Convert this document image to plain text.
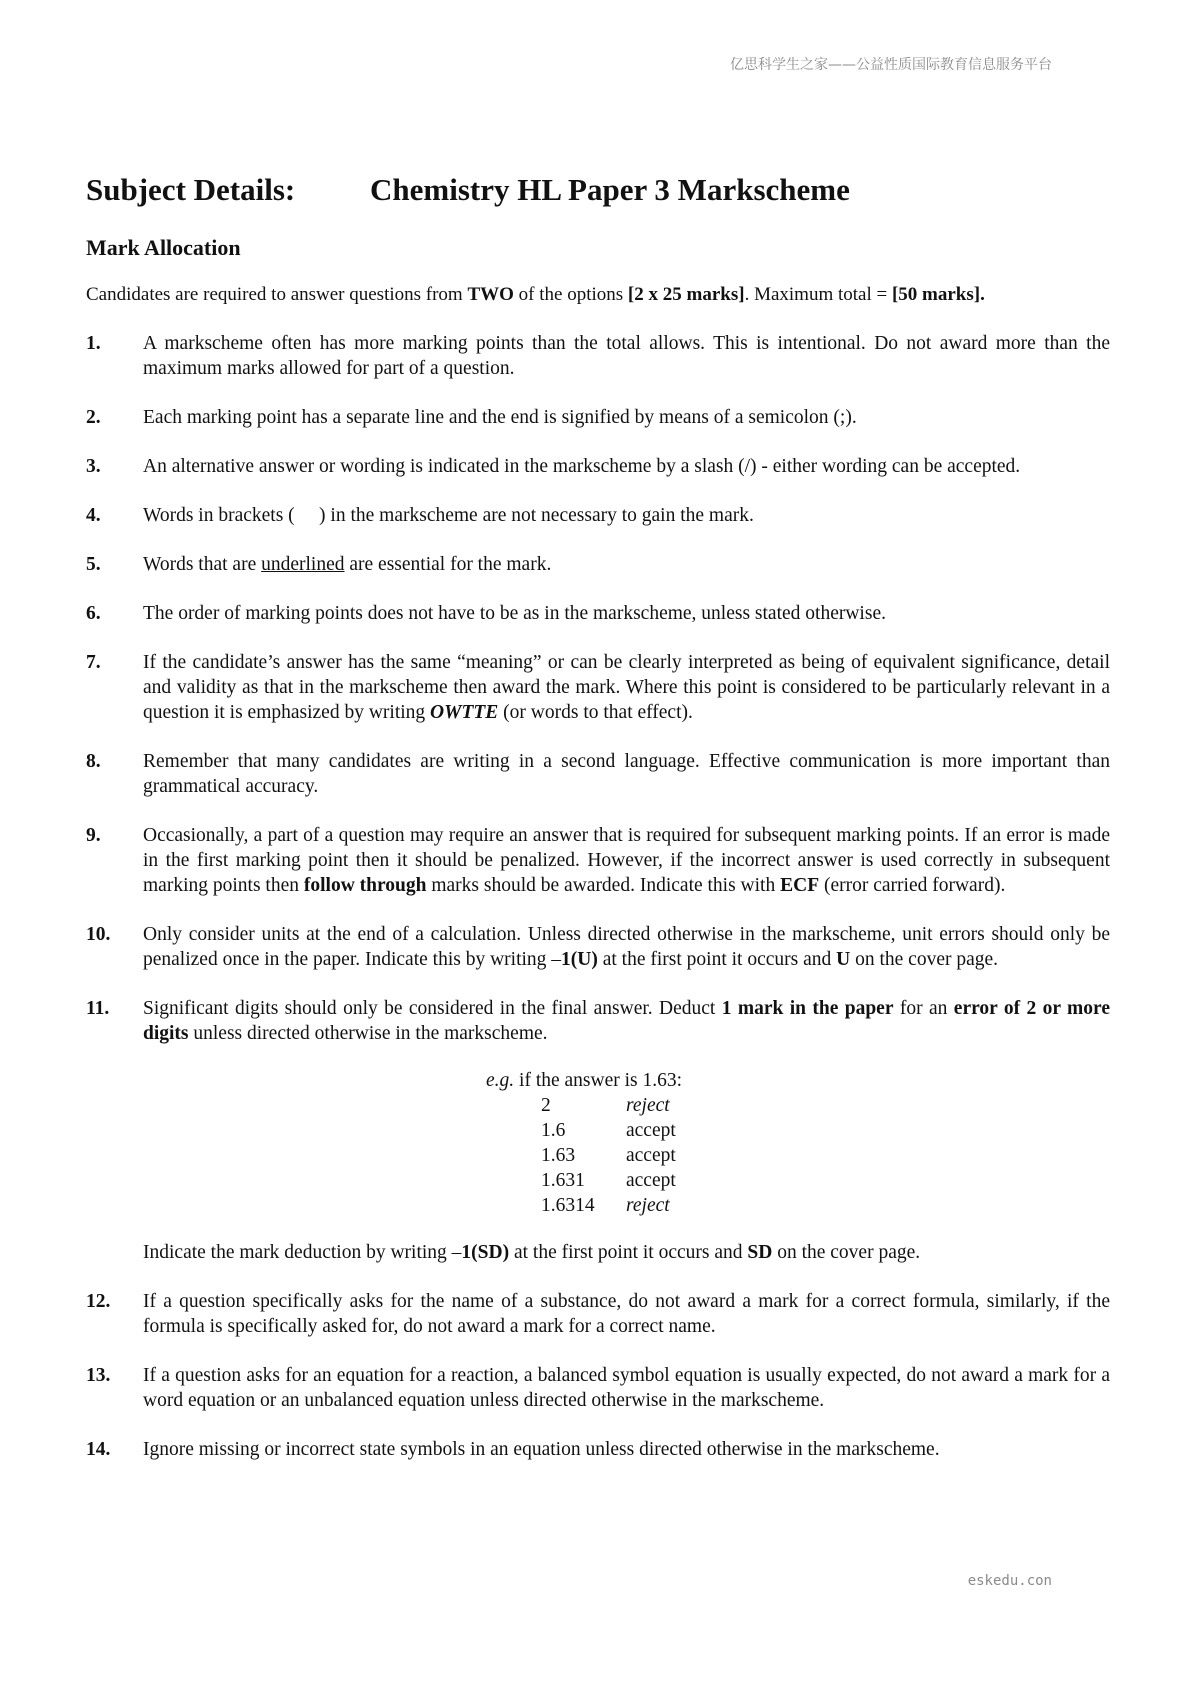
亿思科学生之家——公益性质国际教育信息服务平台
Subject Details: Chemistry HL Paper 3 Markscheme
Mark Allocation

Candidates are required to answer questions from TWO of the options [2 x 25 marks]. Maximum total = [50 marks].

1.	A markscheme often has more marking points than the total allows. This is intentional. Do not award more than the maximum marks allowed for part of a question.
2.	Each marking point has a separate line and the end is signified by means of a semicolon (;).
3.	An alternative answer or wording is indicated in the markscheme by a slash (/) - either wording can be accepted.
4.	Words in brackets (     ) in the markscheme are not necessary to gain the mark.
5.	Words that are underlined are essential for the mark.
6.	The order of marking points does not have to be as in the markscheme, unless stated otherwise.
7.	If the candidate’s answer has the same “meaning” or can be clearly interpreted as being of equivalent significance, detail and validity as that in the markscheme then award the mark. Where this point is considered to be particularly relevant in a question it is emphasized by writing OWTTE (or words to that effect).
8.	Remember that many candidates are writing in a second language. Effective communication is more important than grammatical accuracy.
9.	Occasionally, a part of a question may require an answer that is required for subsequent marking points. If an error is made in the first marking point then it should be penalized. However, if the incorrect answer is used correctly in subsequent marking points then follow through marks should be awarded. Indicate this with ECF (error carried forward).
10.	Only consider units at the end of a calculation. Unless directed otherwise in the markscheme, unit errors should only be penalized once in the paper. Indicate this by writing –1(U) at the first point it occurs and U on the cover page.
11.	Significant digits should only be considered in the final answer. Deduct 1 mark in the paper for an error of 2 or more digits unless directed otherwise in the markscheme.
e.g. if the answer is 1.63:
2	reject
1.6	accept
1.63	accept
1.631	accept
1.6314	reject
Indicate the mark deduction by writing –1(SD) at the first point it occurs and SD on the cover page.
12.	If a question specifically asks for the name of a substance, do not award a mark for a correct formula, similarly, if the formula is specifically asked for, do not award a mark for a correct name.
13.	If a question asks for an equation for a reaction, a balanced symbol equation is usually expected, do not award a mark for a word equation or an unbalanced equation unless directed otherwise in the markscheme.
14.	Ignore missing or incorrect state symbols in an equation unless directed otherwise in the markscheme.
eskedu.con
